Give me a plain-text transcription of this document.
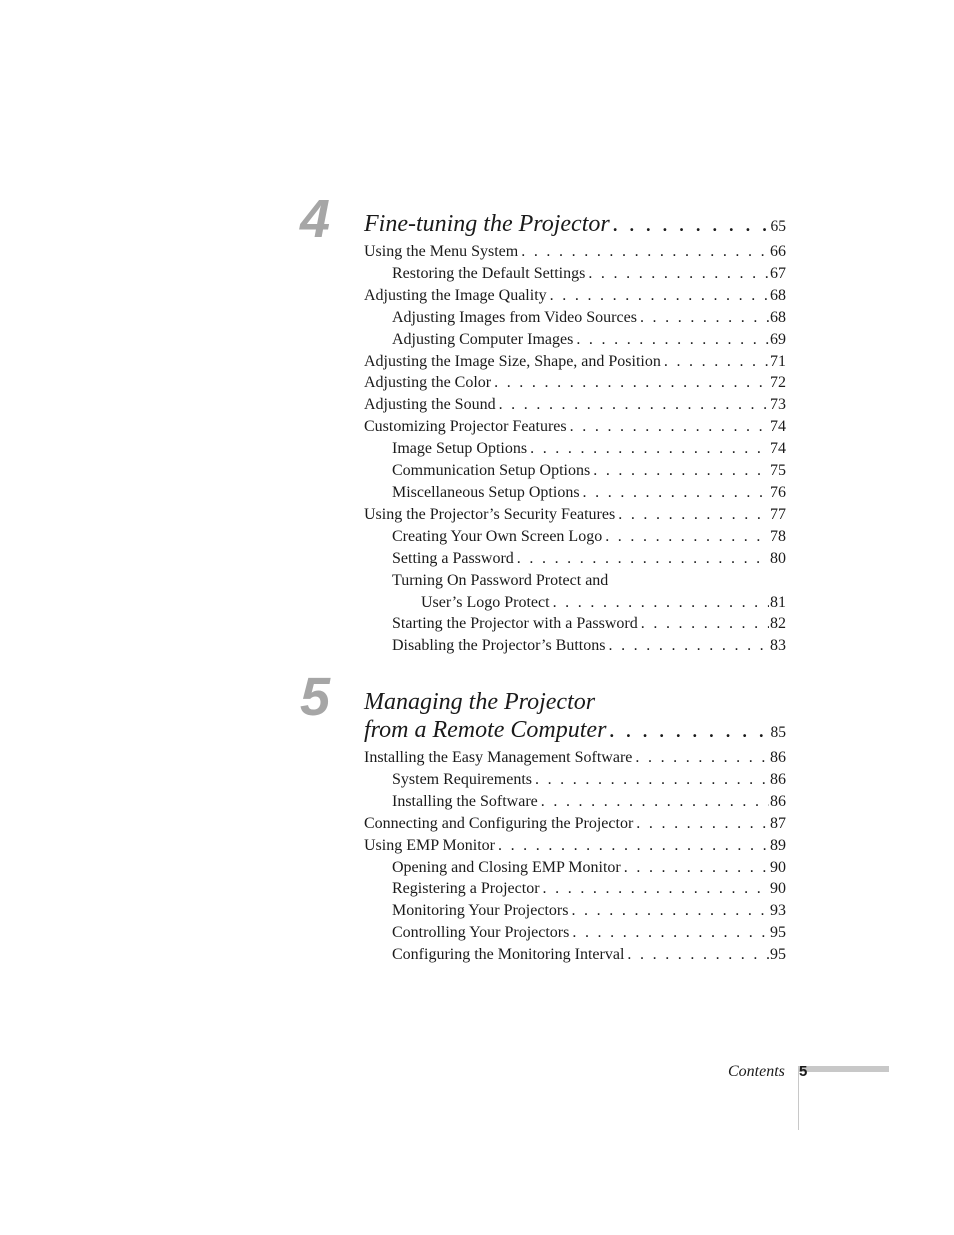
4 Fine-tuning the Projector . . .	65
Using the Menu System . . .	66
Restoring the Default Settings . . .	67
Adjusting the Image Quality . . .	68
Adjusting Images from Video Sources . . .	68
Adjusting Computer Images . . .	69
Adjusting the Image Size, Shape, and Position . . .	71
Adjusting the Color . . .	72
Adjusting the Sound . . .	73
Customizing Projector Features . . .	74
Image Setup Options . . .	74
Communication Setup Options . . .	75
Miscellaneous Setup Options . . .	76
Using the Projector’s Security Features . . .	77
Creating Your Own Screen Logo . . .	78
Setting a Password . . .	80
Turning On Password Protect and
User’s Logo Protect . . .	81
Starting the Projector with a Password . . .	82
Disabling the Projector’s Buttons . . .	83
5 Managing the Projector
from a Remote Computer . . .	85
Installing the Easy Management Software . . .	86
System Requirements . . .	86
Installing the Software . . .	86
Connecting and Configuring the Projector . . .	87
Using EMP Monitor . . .	89
Opening and Closing EMP Monitor . . .	90
Registering a Projector . . .	90
Monitoring Your Projectors . . .	93
Controlling Your Projectors . . .	95
Configuring the Monitoring Interval . . .	95
Contents 5
